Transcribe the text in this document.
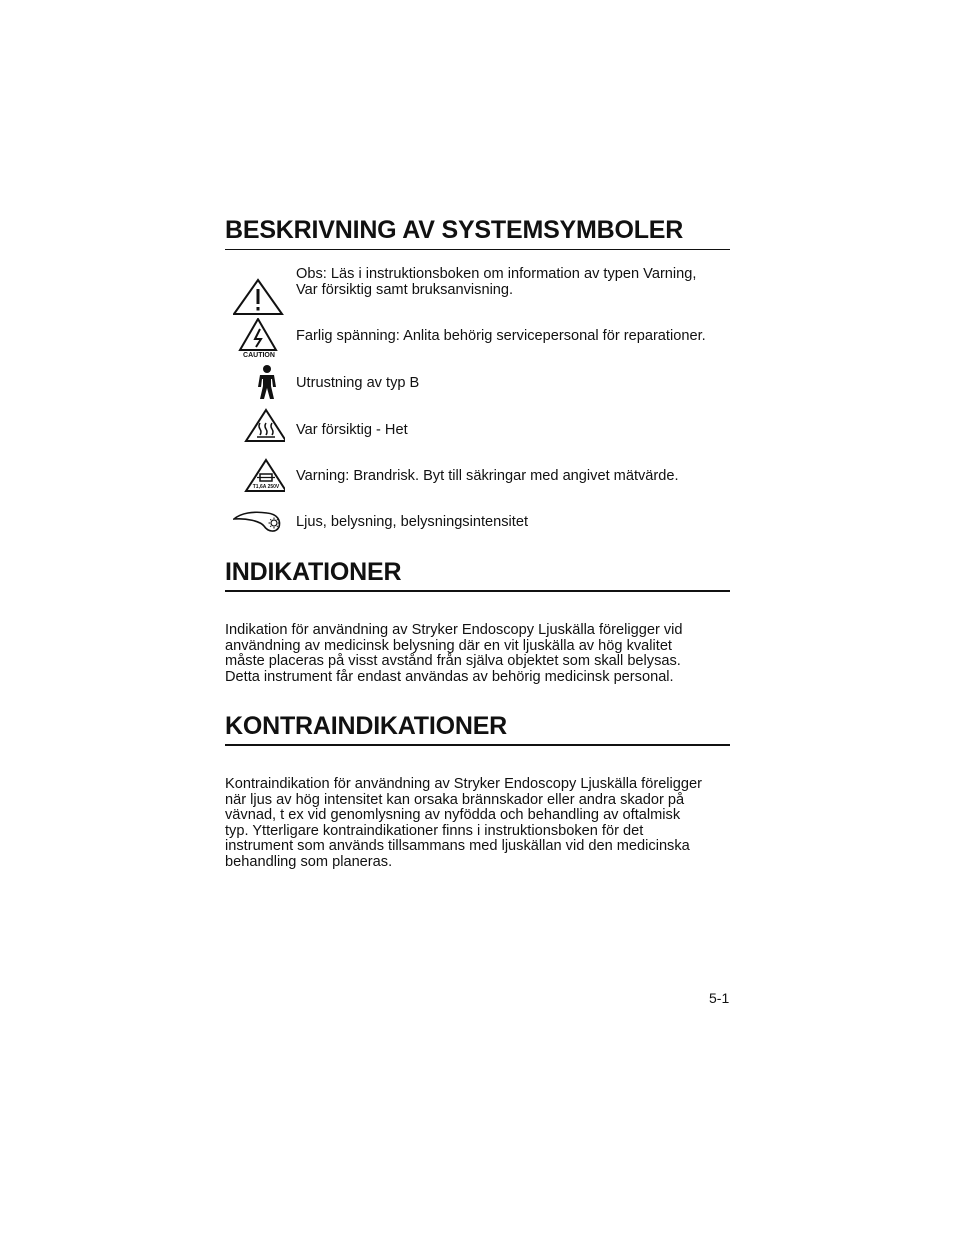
BESKRIVNING AV SYSTEMSYMBOLER
Obs: Läs i instruktionsboken om information av typen Varning,
Var försiktig samt bruksanvisning.
CAUTION
Farlig spänning: Anlita behörig servicepersonal för reparationer.
Utrustning av typ B
Var försiktig - Het
T1,6A 250V
Varning: Brandrisk. Byt till säkringar med angivet mätvärde.
Ljus, belysning, belysningsintensitet
INDIKATIONER
Indikation för användning av Stryker Endoscopy Ljuskälla föreligger vid
användning av medicinsk belysning där en vit ljuskälla av hög kvalitet
måste placeras på visst avstånd från själva objektet som skall belysas.
Detta instrument får endast användas av behörig medicinsk personal.
KONTRAINDIKATIONER
Kontraindikation för användning av Stryker Endoscopy Ljuskälla föreligger
när ljus av hög intensitet kan orsaka brännskador eller andra skador på
vävnad, t ex vid genomlysning av nyfödda och behandling av oftalmisk
typ. Ytterligare kontraindikationer finns i instruktionsboken för det
instrument som används tillsammans med ljuskällan vid den medicinska
behandling som planeras.
5-1
